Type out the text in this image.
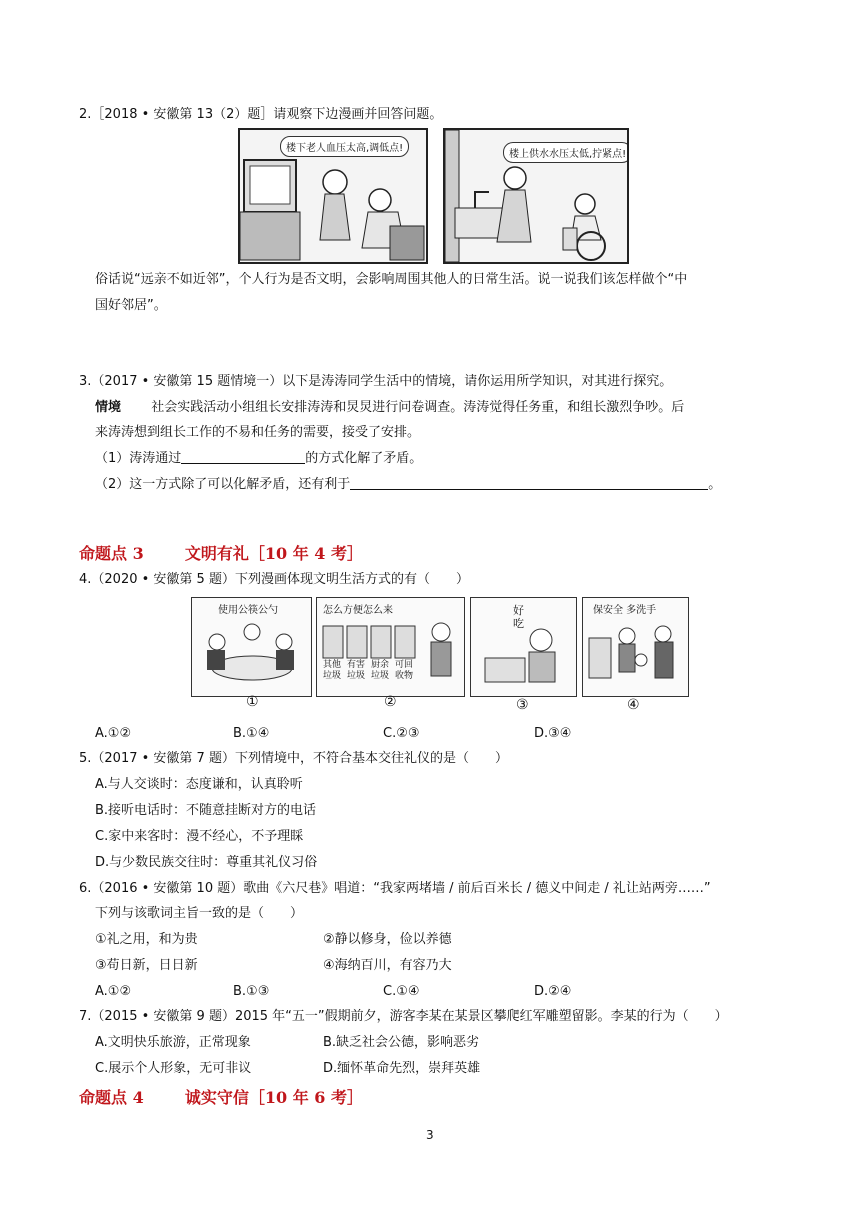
2.［2018 • 安徽第 13（2）题］请观察下边漫画并回答问题。
楼下老人血压太高,调低点!
楼上供水水压太低,拧紧点!
俗话说“远亲不如近邻”，个人行为是否文明，会影响周围其他人的日常生活。说一说我们该怎样做个“中
国好邻居”。
3.（2017 • 安徽第 15 题情境一）以下是涛涛同学生活中的情境，请你运用所学知识，对其进行探究。
情境 社会实践活动小组组长安排涛涛和炅炅进行问卷调查。涛涛觉得任务重，和组长激烈争吵。后
来涛涛想到组长工作的不易和任务的需要，接受了安排。
（1）涛涛通过	的方式化解了矛盾。
（2）这一方式除了可以化解矛盾，还有利于	。
命题点 3	文明有礼［10 年 4 考］
4.（2020 • 安徽第 5 题）下列漫画体现文明生活方式的有（　　）
使用公筷公勺	怎么方便怎么来
其他
垃圾
有害
垃圾
厨余
垃圾
可回
收物
好
吃
保安全 多洗手
①	②	③	④
A.①②	B.①④	C.②③	D.③④
5.（2017 • 安徽第 7 题）下列情境中，不符合基本交往礼仪的是（　　）
A.与人交谈时：态度谦和，认真聆听
B.接听电话时：不随意挂断对方的电话
C.家中来客时：漫不经心，不予理睬
D.与少数民族交往时：尊重其礼仪习俗
6.（2016 • 安徽第 10 题）歌曲《六尺巷》唱道：“我家两堵墙 / 前后百米长 / 德义中间走 / 礼让站两旁……”
下列与该歌词主旨一致的是（　　）
①礼之用，和为贵	②静以修身，俭以养德
③苟日新，日日新	④海纳百川，有容乃大
A.①②	B.①③	C.①④	D.②④
7.（2015 • 安徽第 9 题）2015 年“五一”假期前夕，游客李某在某景区攀爬红军雕塑留影。李某的行为（　　）
A.文明快乐旅游，正常现象	B.缺乏社会公德，影响恶劣
C.展示个人形象，无可非议	D.缅怀革命先烈，崇拜英雄
命题点 4	诚实守信［10 年 6 考］
3
